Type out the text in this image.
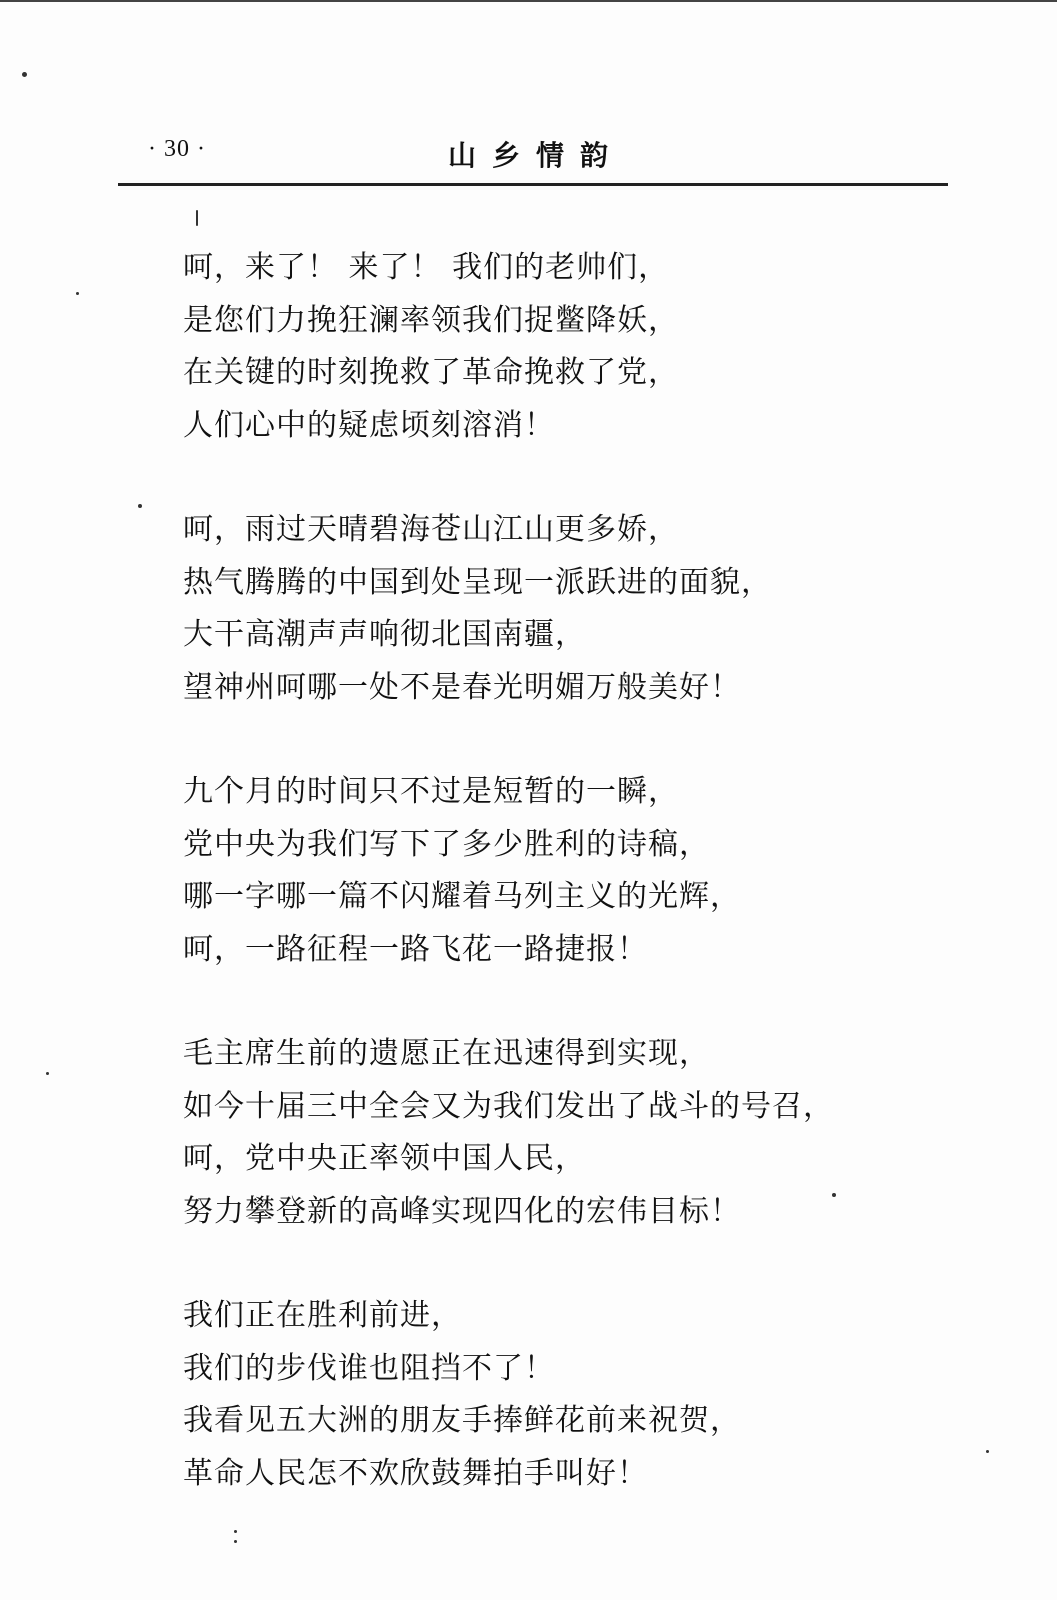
· 30 ·	山乡情韵
呵，来了！ 来了！ 我们的老帅们，
是您们力挽狂澜率领我们捉鳖降妖，
在关键的时刻挽救了革命挽救了党，
人们心中的疑虑顷刻溶消！
呵，雨过天晴碧海苍山江山更多娇，
热气腾腾的中国到处呈现一派跃进的面貌，
大干高潮声声响彻北国南疆，
望神州呵哪一处不是春光明媚万般美好！
九个月的时间只不过是短暂的一瞬，
党中央为我们写下了多少胜利的诗稿，
哪一字哪一篇不闪耀着马列主义的光辉，
呵，一路征程一路飞花一路捷报！
毛主席生前的遗愿正在迅速得到实现，
如今十届三中全会又为我们发出了战斗的号召，
呵，党中央正率领中国人民，
努力攀登新的高峰实现四化的宏伟目标！
我们正在胜利前进，
我们的步伐谁也阻挡不了！
我看见五大洲的朋友手捧鲜花前来祝贺，
革命人民怎不欢欣鼓舞拍手叫好！
